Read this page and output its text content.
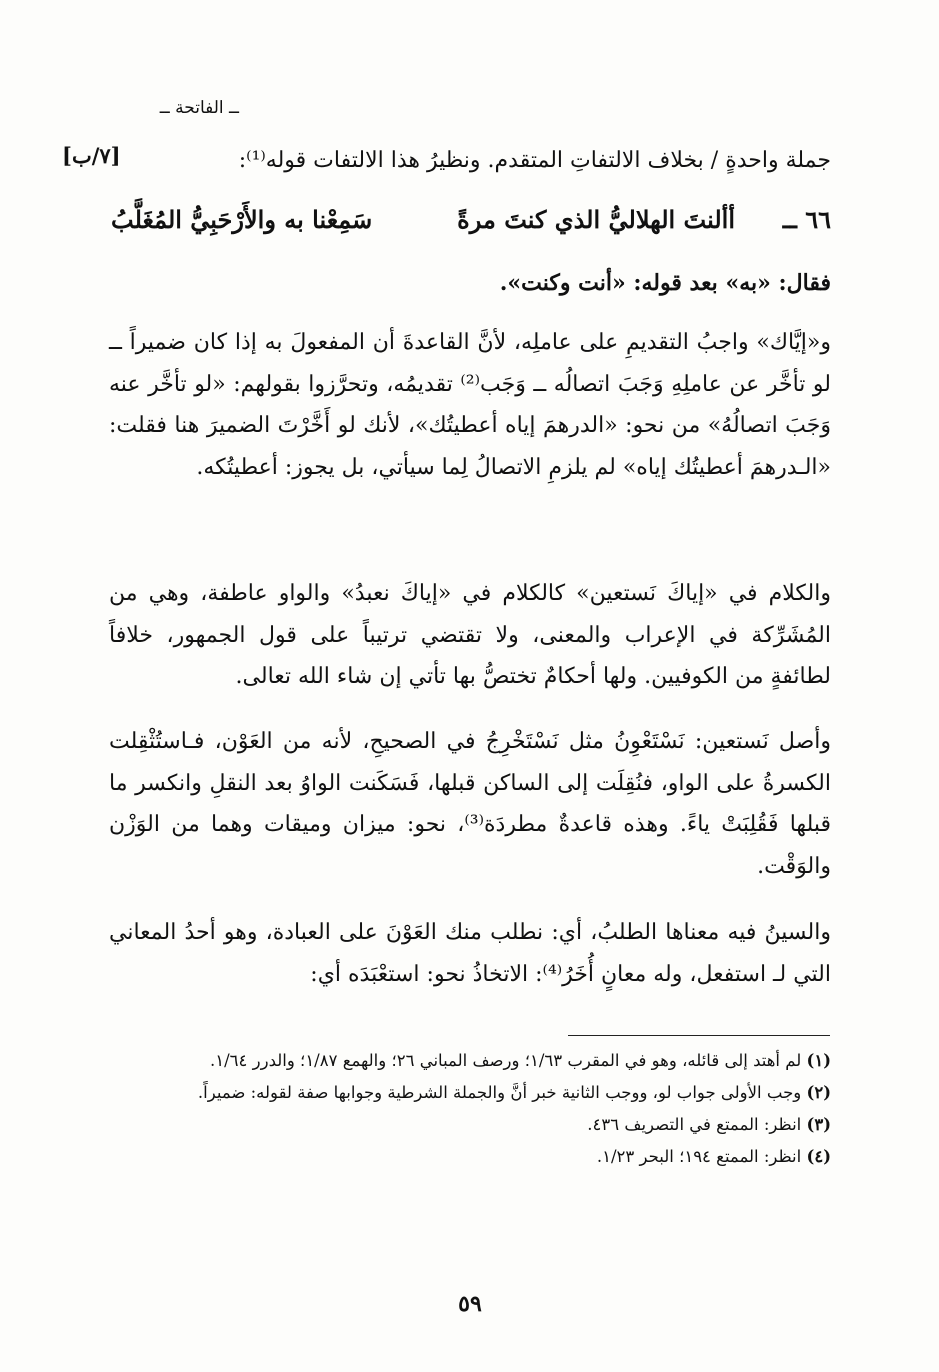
ــ الفاتحة ــ
[٧/ب]	جملة واحدةٍ / بخلاف الالتفاتِ المتقدم. ونظيرُ هذا الالتفات قوله⁽¹⁾:
٦٦ ــ
أألنتَ الهلاليُّ الذي كنتَ مرةً
سَمِعْنا به والأَرْحَبِيُّ المُغَلَّبُ
فقال: «به» بعد قوله: «أنت وكنت».

و«إيَّاك» واجبُ التقديمِ على عاملِه، لأنَّ القاعدةَ أن المفعولَ به إذا كان ضميراً ــ لو تأخَّر عن عاملِهِ وَجَبَ اتصالُه ــ وَجَب⁽²⁾ تقديمُه، وتحرَّزوا بقولهم: «لو تأخَّر عنه وَجَبَ اتصالُهُ» من نحو: «الدرهمَ إياه أعطيتُك»، لأنك لو أَخَّرْتَ الضميرَ هنا فقلت: «الـدرهمَ أعطيتُك إياه» لم يلزمِ الاتصالُ لِما سيأتي، بل يجوز: أعطيتُكه.

والكلام في «إياكَ نَستعين» كالكلام في «إياكَ نعبدُ» والواو عاطفة، وهي من المُشَرِّكة في الإعراب والمعنى، ولا تقتضي ترتيباً على قول الجمهور، خلافاً لطائفةٍ من الكوفيين. ولها أحكامٌ تختصُّ بها تأتي إن شاء الله تعالى.

وأصل نَستعين: نَسْتَعْوِنُ مثل نَسْتَخْرِجُ في الصحيحِ، لأنه من العَوْن، فـاستُثْقِلت الكسرةُ على الواو، فنُقِلَت إلى الساكن قبلها، فَسَكَنت الواوُ بعد النقلِ وانكسر ما قبلها فَقُلِبَتْ ياءً. وهذه قاعدةٌ مطردَة⁽³⁾، نحو: ميزان وميقات وهما من الوَزْن والوَقْت.

والسينُ فيه معناها الطلبُ، أي: نطلب منك العَوْنَ على العبادة، وهو أحدُ المعاني التي لـ استفعل، وله معانٍ أُخَرُ⁽⁴⁾: الاتخاذُ نحو: استعْبَدَه أي:

(١) لم أهتد إلى قائله، وهو في المقرب ١/٦٣؛ ورصف المباني ٢٦؛ والهمع ١/٨٧؛ والدرر ١/٦٤.

(٢) وجب الأولى جواب لو، ووجب الثانية خبر أنَّ والجملة الشرطية وجوابها صفة لقوله: ضميراً.

(٣) انظر: الممتع في التصريف ٤٣٦.

(٤) انظر: الممتع ١٩٤؛ البحر ١/٢٣.

٥٩
